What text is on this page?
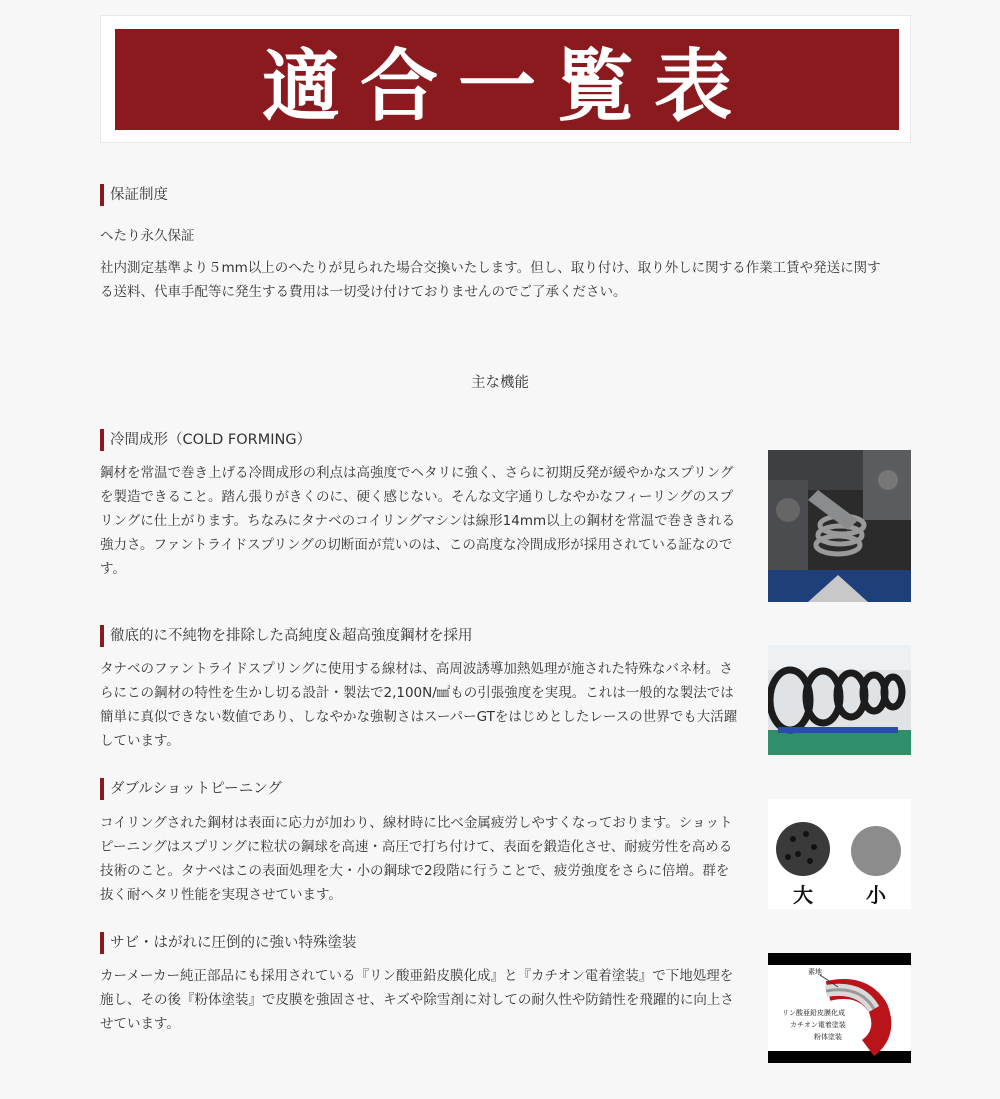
適合一覧表
保証制度
へたり永久保証
社内測定基準より５mm以上のへたりが見られた場合交換いたします。但し、取り付け、取り外しに関する作業工賃や発送に関す
る送料、代車手配等に発生する費用は一切受け付けておりませんのでご了承ください。
主な機能
冷間成形（COLD FORMING）
鋼材を常温で巻き上げる冷間成形の利点は高強度でヘタリに強く、さらに初期反発が緩やかなスプリング
を製造できること。踏ん張りがきくのに、硬く感じない。そんな文字通りしなやかなフィーリングのスプ
リングに仕上がります。ちなみにタナベのコイリングマシンは線形14mm以上の鋼材を常温で巻ききれる
強力さ。ファントライドスプリングの切断面が荒いのは、この高度な冷間成形が採用されている証なので
す。
徹底的に不純物を排除した高純度＆超高強度鋼材を採用
タナベのファントライドスプリングに使用する線材は、高周波誘導加熱処理が施された特殊なバネ材。さ
らにこの鋼材の特性を生かし切る設計・製法で2,100N/㎟もの引張強度を実現。これは一般的な製法では
簡単に真似できない数値であり、しなやかな強靭さはスーパーGTをはじめとしたレースの世界でも大活躍
しています。
ダブルショットピーニング
コイリングされた鋼材は表面に応力が加わり、線材時に比べ金属疲労しやすくなっております。ショット
ピーニングはスプリングに粒状の鋼球を高速・高圧で打ち付けて、表面を鍛造化させ、耐疲労性を高める
技術のこと。タナベはこの表面処理を大・小の鋼球で2段階に行うことで、疲労強度をさらに倍増。群を
抜く耐ヘタリ性能を実現させています。	大	小
サビ・はがれに圧倒的に強い特殊塗装
カーメーカー純正部品にも採用されている『リン酸亜鉛皮膜化成』と『カチオン電着塗装』で下地処理を
施し、その後『粉体塗装』で皮膜を強固させ、キズや除雪剤に対しての耐久性や防錆性を飛躍的に向上さ
せています。
素地
リン酸亜鉛皮膜化成
カチオン電着塗装
粉体塗装
